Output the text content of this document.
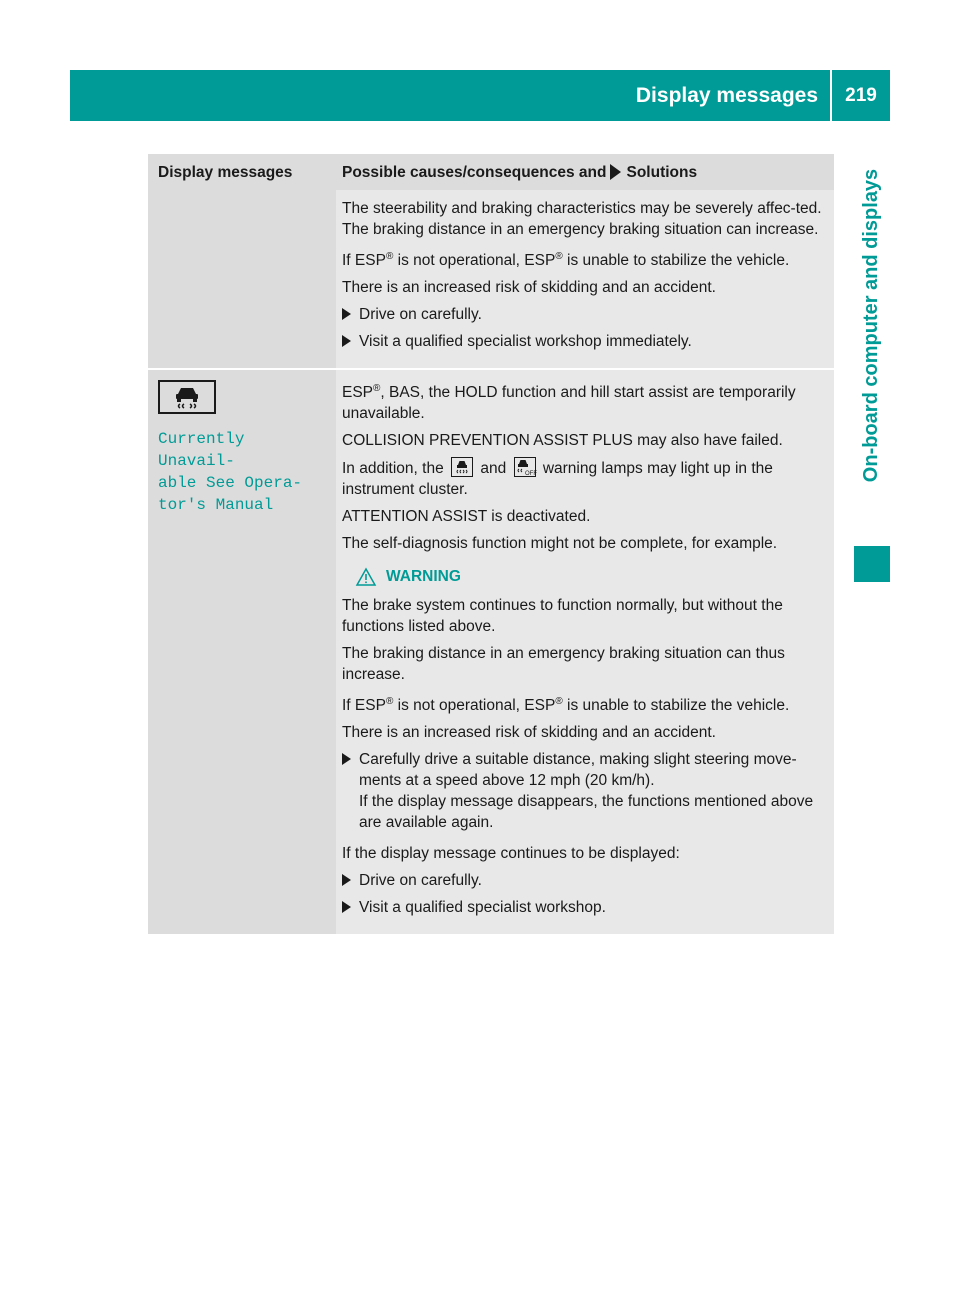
Display messages	219
On-board computer and displays
Display messages	Possible causes/consequences and Solutions

The steerability and braking characteristics may be severely affec-ted. The braking distance in an emergency braking situation can increase.

If ESP® is not operational, ESP® is unable to stabilize the vehicle.

There is an increased risk of skidding and an accident.

Drive on carefully.
Visit a qualified specialist workshop immediately.
Currently Unavail-
able See Opera-
tor's Manual

ESP®, BAS, the HOLD function and hill start assist are temporarily unavailable.

COLLISION PREVENTION ASSIST PLUS may also have failed.

In addition, the and	OFF warning lamps may light up in the instrument cluster.

ATTENTION ASSIST is deactivated.

The self-diagnosis function might not be complete, for example.

WARNING

The brake system continues to function normally, but without the functions listed above.

The braking distance in an emergency braking situation can thus increase.

If ESP® is not operational, ESP® is unable to stabilize the vehicle.

There is an increased risk of skidding and an accident.

Carefully drive a suitable distance, making slight steering move-ments at a speed above 12 mph (20 km/h).
If the display message disappears, the functions mentioned above are available again.

If the display message continues to be displayed:

Drive on carefully.
Visit a qualified specialist workshop.
